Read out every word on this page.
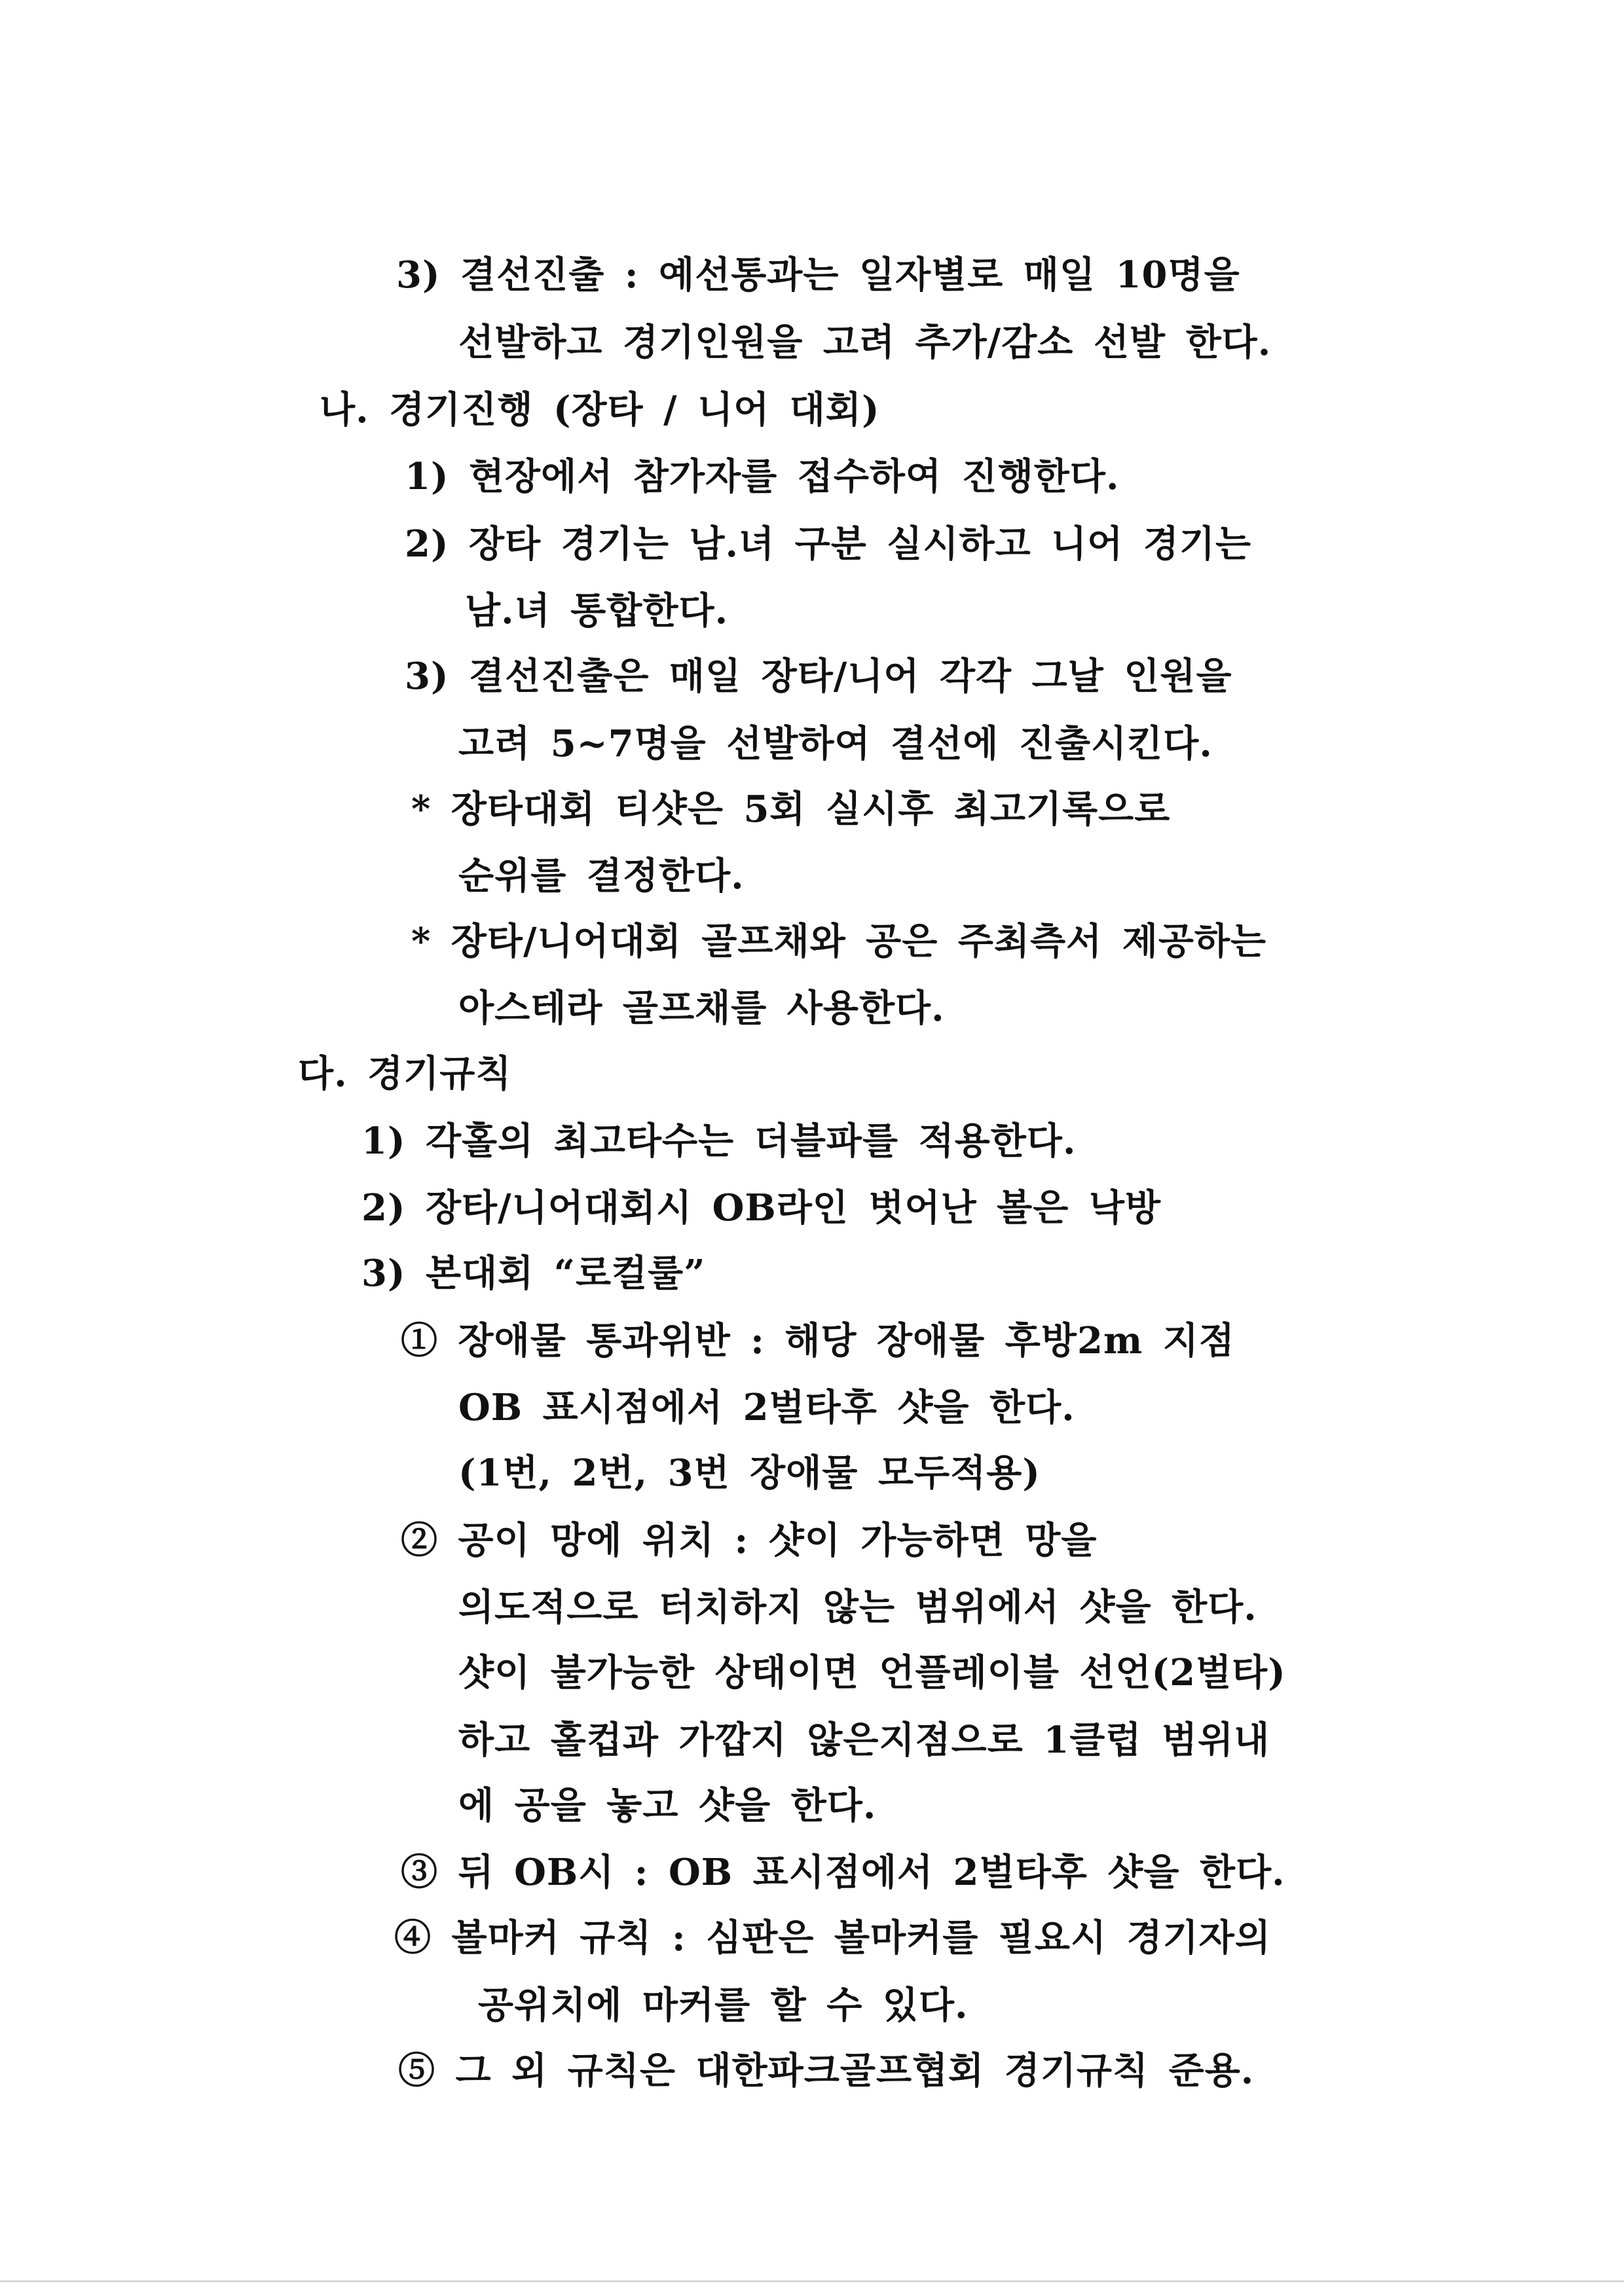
3) 결선진출 : 예선통과는 일자별로 매일 10명을
선발하고 경기인원을 고려 추가/감소 선발 한다.
나. 경기진행 (장타 / 니어 대회)
1) 현장에서 참가자를 접수하여 진행한다.
2) 장타 경기는 남.녀 구분 실시하고 니어 경기는
남.녀 통합한다.
3) 결선진출은 매일 장타/니어 각각 그날 인원을
고려 5~7명을 선발하여 결선에 진출시킨다.
* 장타대회 티샷은 5회 실시후 최고기록으로
순위를 결정한다.
* 장타/니어대회 골프채와 공은 주최측서 제공하는
아스테라 골프채를 사용한다.
다. 경기규칙
1) 각홀의 최고타수는 더블파를 적용한다.
2) 장타/니어대회시 OB라인 벗어난 볼은 낙방
3) 본대회 “로컬룰”
① 장애물 통과위반 : 해당 장애물 후방2m 지점
OB 표시점에서 2벌타후 샷을 한다.
(1번, 2번, 3번 장애물 모두적용)
② 공이 망에 위치 : 샷이 가능하면 망을
의도적으로 터치하지 않는 범위에서 샷을 한다.
샷이 불가능한 상태이면 언플레이블 선언(2벌타)
하고 홀컵과 가깝지 않은지점으로 1클럽 범위내
에 공을 놓고 샷을 한다.
③ 뒤 OB시 : OB 표시점에서 2벌타후 샷을 한다.
④ 볼마커 규칙 : 심판은 볼마커를 필요시 경기자의
공위치에 마커를 할 수 있다.
⑤ 그 외 규칙은 대한파크골프협회 경기규칙 준용.
